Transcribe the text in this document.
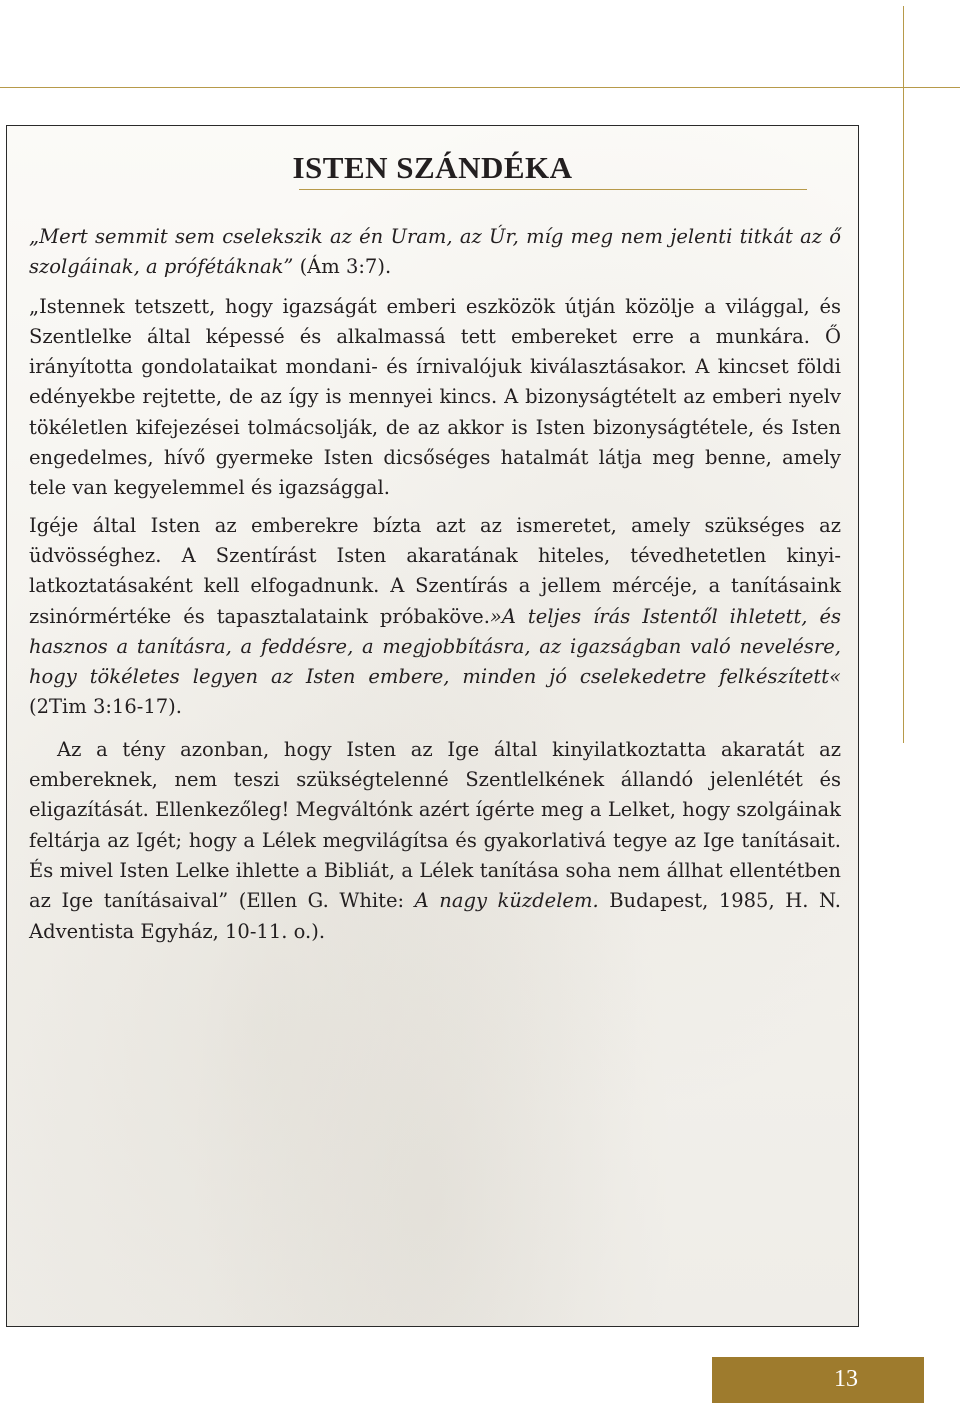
ISTEN SZÁNDÉKA

„Mert semmit sem cselekszik az én Uram, az Úr, míg meg nem jelenti titkát az ő szolgáinak, a prófétáknak” (Ám 3:7).

„Istennek tetszett, hogy igazságát emberi eszközök útján közölje a világgal, és Szentlelke által képessé és alkalmassá tett embereket erre a munkára. Ő irányította gondolataikat mondani- és írnivalójuk kiválasztásakor. A kincset földi edényekbe rejtette, de az így is mennyei kincs. A bizonyságtételt az emberi nyelv tökéletlen kifejezései tolmácsolják, de az akkor is Isten bizonyságtétele, és Isten engedelmes, hívő gyermeke Isten dicsőséges hatalmát látja meg benne, amely tele van kegyelemmel és igazsággal.

Igéje által Isten az emberekre bízta azt az ismeretet, amely szükséges az üdvösséghez. A Szentírást Isten akaratának hiteles, tévedhetetlen kinyilatkoztatásaként kell elfogadnunk. A Szentírás a jellem mércéje, a tanításaink zsinórmértéke és tapasztalataink próbaköve.»A teljes írás Istentől ihletett, és hasznos a tanításra, a feddésre, a megjobbításra, az igazságban való nevelésre, hogy tökéletes legyen az Isten embere, minden jó cselekedetre felkészített« (2Tim 3:16-17).

Az a tény azonban, hogy Isten az Ige által kinyilatkoztatta akaratát az embereknek, nem teszi szükségtelenné Szentlelkének állandó jelenlétét és eligazítását. Ellenkezőleg! Megváltónk azért ígérte meg a Lelket, hogy szolgáinak feltárja az Igét; hogy a Lélek megvilágítsa és gyakorlativá tegye az Ige tanításait. És mivel Isten Lelke ihlette a Bibliát, a Lélek tanítása soha nem állhat ellentétben az Ige tanításaival” (Ellen G. White: A nagy küzdelem. Budapest, 1985, H. N. Adventista Egyház, 10-11. o.).

13
